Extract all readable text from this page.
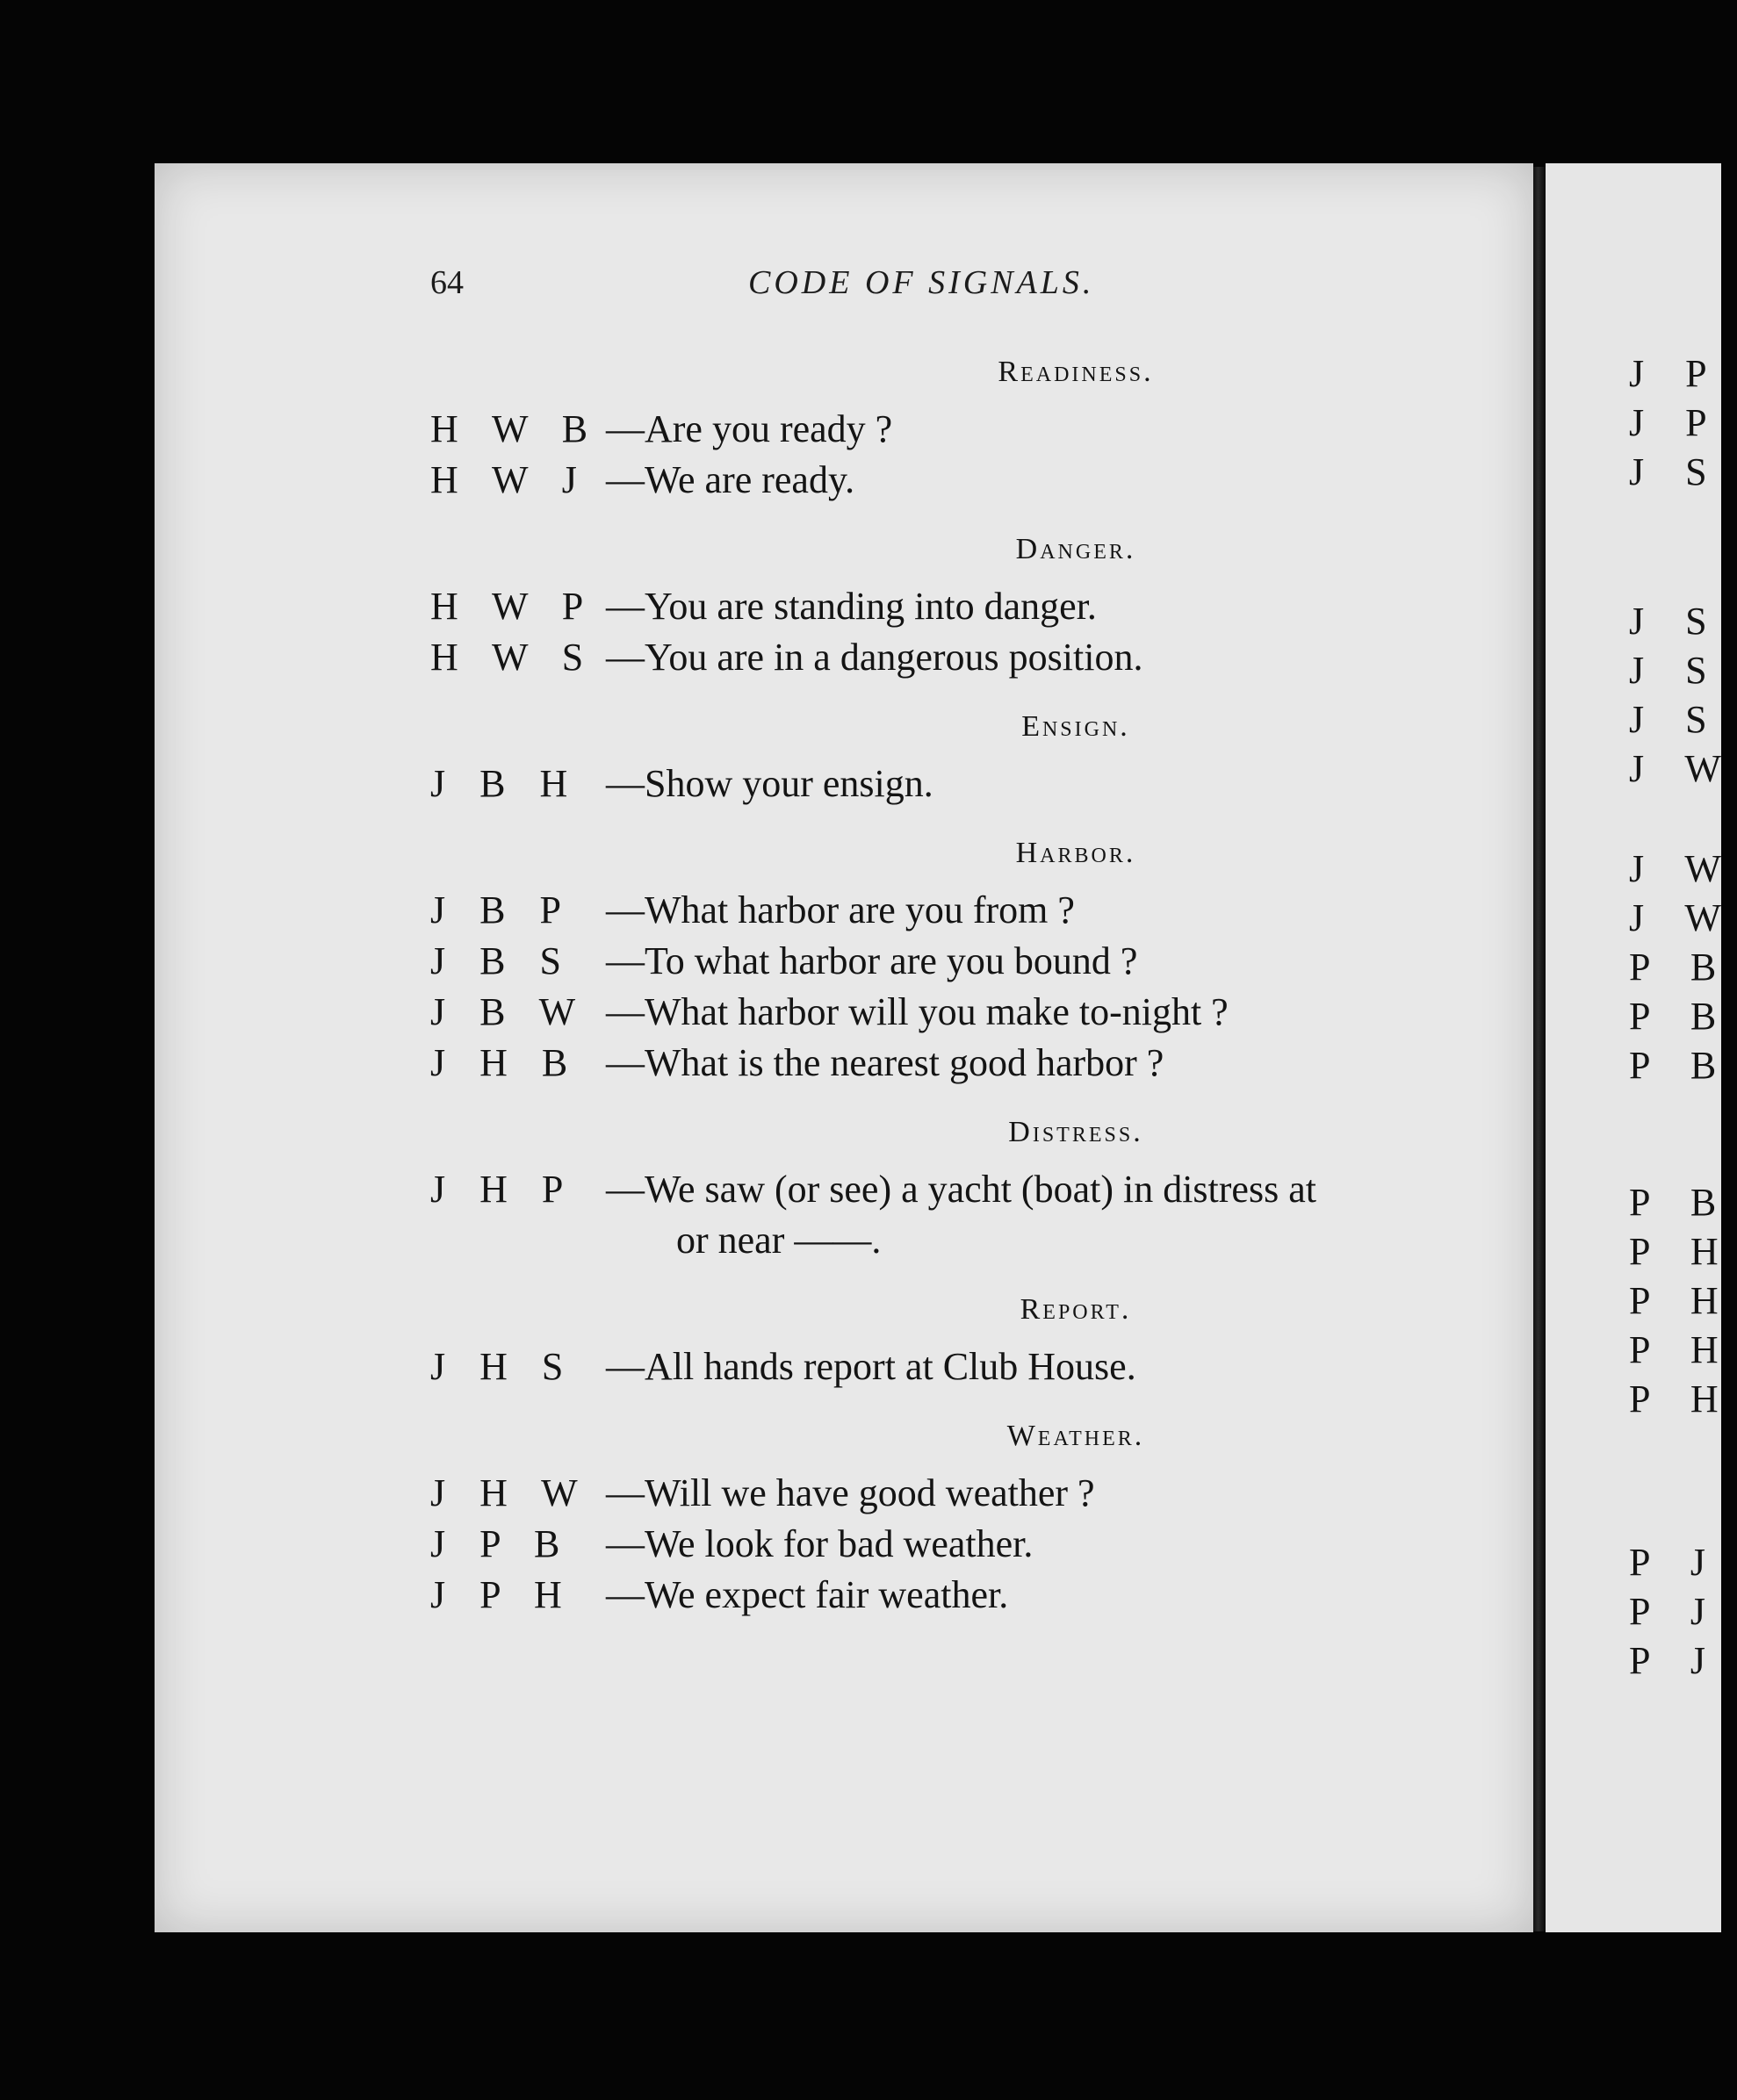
64	CODE OF SIGNALS.
Readiness.
H W B —Are you ready ?
H W J —We are ready.
Danger.
H W P —You are standing into danger.
H W S —You are in a dangerous position.
Ensign.
J B H —Show your ensign.
Harbor.
J B P —What harbor are you from ?
J B S —To what harbor are you bound ?
J B W —What harbor will you make to-night ?
J H B —What is the nearest good harbor ?
Distress.
J H P —We saw (or see) a yacht (boat) in distress at
or near ——.
Report.
J H S —All hands report at Club House.
Weather.
J H W —Will we have good weather ?
J P B —We look for bad weather.
J P H —We expect fair weather.
J P
J P
J S
J S
J S
J S
J W
J W
J W
P B
P B
P B
P B
P H
P H
P H
P H
P J
P J
P J
